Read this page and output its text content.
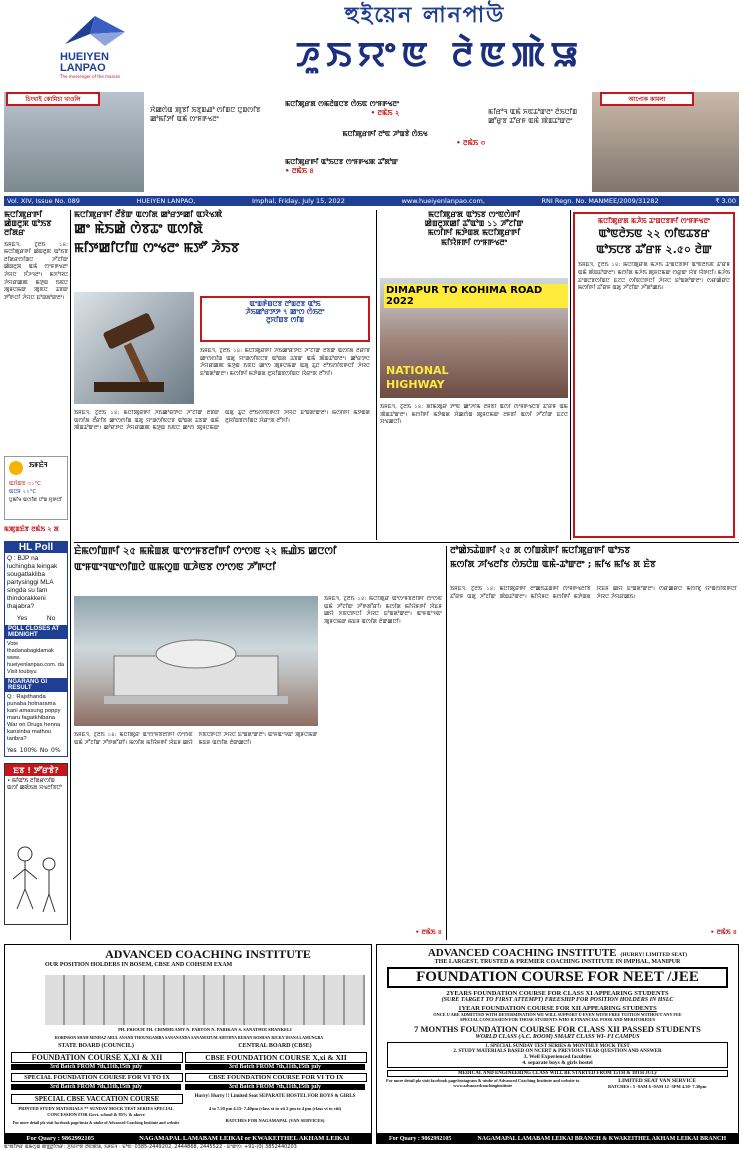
HUEIYEN
LANPAO
The messenger of the masses
হুইয়েন লানপাউ
ꯍꯨꯏꯌꯦꯟ ꯂꯥꯟꯄꯥꯎ
চিংখাই কোমিচা খাওলি
ꯆꯥꯀꯁꯥꯡ ꯄꯨꯕꯤ ꯏꯕꯨꯡꯉꯣ ꯁꯤꯡꯅ ꯅꯨꯡꯁꯤꯕ ꯀꯣꯃꯤꯇꯤ ꯑꯃꯥ ꯁꯦꯝꯒꯠꯂꯦ
ꯃꯅꯤꯄꯨꯔꯗ ꯁꯃꯂꯥꯡꯅꯕ ꯁꯥꯏꯟ ꯁꯦꯝꯒꯠꯂꯦ
• ꯂꯃꯥꯏ ২
ꯃꯅꯤꯄꯨꯔꯒꯤ ꯂꯣꯟ ꯍꯣꯡꯕꯥ ꯁꯥꯏꯠ
• ꯂꯃꯥꯏ ৩
ꯃꯅꯤꯄꯨꯔꯒꯤ ꯑꯣꯏꯅꯕ ꯁꯦꯝꯒꯠꯄ ꯊꯧꯗꯣꯛ
• ꯂꯃꯥꯏ ৪
ꯃꯤꯔꯣꯜ ꯑꯃꯥ ꯈꯟꯊꯣꯛꯂꯦ ꯂꯥꯏꯅꯤꯡ ꯀꯧꯔꯨꯕ ꯊꯧꯔꯝ ꯑꯃꯥ ꯄꯥꯡꯊꯣꯛꯂꯦ
আপোক কামলা
Vol. XIV, Issue No. 089	HUEIYEN LANPAO,	Imphal, Friday, July 15, 2022	www.hueiyenlanpao.com,	RNI Regn. No. MANMEE/2009/31282	₹ 3.00
ꯃꯅꯤꯄꯨꯔꯒꯤ ꯀꯥꯡꯂꯨꯞ ꯑꯣꯏꯕ ꯂꯤꯗꯔ
ꯏꯝꯐꯥꯜ, ꯖꯨꯂꯥꯏ ১৪: ꯃꯅꯤꯄꯨꯔꯒꯤ ꯀꯥꯡꯂꯨꯞ ꯑꯣꯏꯕ ꯂꯤꯗꯔꯁꯤꯡꯅ ꯍꯧꯖꯤꯛ ꯀꯥꯡꯂꯨꯞ ꯑꯃꯥ ꯁꯦꯝꯒꯠꯂꯦ ꯍꯥꯌꯅ ꯈꯪꯍꯜꯂꯦ। ꯃꯈꯣꯌꯅ ꯍꯥꯌꯔꯀꯄ ꯃꯇꯨꯡ ꯏꯟꯅ ꯄꯨꯝꯅꯃꯛ ꯄꯨꯟꯅ ꯊꯕꯛ ꯇꯧꯒꯅꯤ ꯍꯥꯌꯅ ꯐꯣꯡꯗꯣꯛꯂꯦ।
ꯏꯝꯐꯥꯜ
ꯑꯋꯥꯡꯕ ৩১°C
ꯑꯅꯝ ২২°C
ꯅꯨꯃꯤꯠ ꯑꯁꯤꯗ ꯅꯣꯡ ꯆꯨꯒꯅꯤ
ꯃꯄꯨꯡꯐꯥꯕ ꯂꯃꯥꯏ ২ ꯗ
HL Poll
Q : BJP na luchingba leingak sougatlakliba partysinggi MLA singda su fam thindorakkeni thajabra?
Yes	No
POLL CLOSES AT MIDNIGHT
Vote thadanabagidamak www. hueiyenlanpao.com. da Visit toubiyu
NGARANG GI RESULT
Q : Rajsthanda punaba hotnarama kani amasung poppy maru fagatkhibana War on Drugs henna kansinba mathou taribra?
Yes 100% No 0%
ꯐꯕ ! ꯇꯧꯔꯕꯥ?
• ꯃꯤꯑꯣꯏ ꯂꯤꯗꯔꯁꯤꯡ ꯑꯁꯤ ꯀꯗꯥꯏꯗ ꯆꯠꯂꯤꯕꯅꯣ
ꯃꯅꯤꯄꯨꯔꯒꯤ ꯂꯩꯕꯥꯛ ꯑꯁꯤꯗ ꯀꯣꯔꯇꯀꯤ ꯑꯋꯥꯠꯄꯥ
ꯀꯦ ꯃꯥꯏꯀꯥ ꯁꯥꯕꯊꯦ ꯑꯁꯤꯗꯥ
ꯃꯤꯇꯀꯤꯅꯤꯡ ꯁꯦꯠꯂꯦ ꯃꯇꯧ ꯍꯥꯏꯕ
ꯑꯦꯡꯒꯥꯡꯅꯕ ꯂꯣꯡꯂꯕ ꯑꯣꯏ
ꯍꯥꯏꯀꯣꯔꯇꯇ ৭ ꯀꯦꯁ ꯁꯥꯏꯂꯦ
ꯂꯨꯆꯤꯡꯕ ꯁꯤꯡ
ꯏꯝꯐꯥꯜ, ꯖꯨꯂꯥꯏ ১৪: ꯃꯅꯤꯄꯨꯔꯒꯤ ꯍꯥꯏꯀꯣꯔꯇꯅ ꯍꯧꯖꯤꯛ ꯂꯩꯕꯥꯛ ꯑꯁꯤꯗ ꯂꯩꯔꯤꯕ ꯀꯦꯁꯁꯤꯡ ꯑꯗꯨ ꯌꯦꯡꯁꯤꯟꯅꯕ ꯑꯣꯡꯗ ꯊꯕꯛ ꯑꯃꯥ ꯄꯥꯡꯊꯣꯛꯂꯦ। ꯀꯣꯔꯇꯅ ꯍꯥꯌꯔꯀꯄ ꯃꯇꯨꯡ ꯏꯟꯅ ꯀꯦꯁ ꯄꯨꯝꯅꯃꯛ ꯑꯗꯨ ꯊꯨꯅ ꯂꯣꯏꯁꯤꯟꯒꯅꯤ ꯍꯥꯌꯅ ꯐꯣꯡꯗꯣꯛꯂꯦ। ꯃꯁꯤꯒꯤ ꯃꯇꯥꯡꯗ ꯂꯨꯆꯤꯡꯕꯁꯤꯡꯅ ꯋꯥꯔꯦꯞ ꯂꯧꯈꯤ।
ꯏꯝꯐꯥꯜ, ꯖꯨꯂꯥꯏ ১৪: ꯃꯅꯤꯄꯨꯔꯒꯤ ꯍꯥꯏꯀꯣꯔꯇꯅ ꯍꯧꯖꯤꯛ ꯂꯩꯕꯥꯛ ꯑꯁꯤꯗ ꯂꯩꯔꯤꯕ ꯀꯦꯁꯁꯤꯡ ꯑꯗꯨ ꯌꯦꯡꯁꯤꯟꯅꯕ ꯑꯣꯡꯗ ꯊꯕꯛ ꯑꯃꯥ ꯄꯥꯡꯊꯣꯛꯂꯦ। ꯀꯣꯔꯇꯅ ꯍꯥꯌꯔꯀꯄ ꯃꯇꯨꯡ ꯏꯟꯅ ꯀꯦꯁ ꯄꯨꯝꯅꯃꯛ ꯑꯗꯨ ꯊꯨꯅ ꯂꯣꯏꯁꯤꯟꯒꯅꯤ ꯍꯥꯌꯅ ꯐꯣꯡꯗꯣꯛꯂꯦ। ꯃꯁꯤꯒꯤ ꯃꯇꯥꯡꯗ ꯂꯨꯆꯤꯡꯕꯁꯤꯡꯅ ꯋꯥꯔꯦꯞ ꯂꯧꯈꯤ।
ꯃꯅꯤꯄꯨꯔꯗ ꯑꯣꯏꯕ ꯁꯦꯟꯁꯥꯒꯤ
ꯀꯥꯡꯂꯨꯞꯀꯤ ꯊꯧꯑꯣꯡ ১১ ꯍꯧꯖꯤꯛ
ꯃꯁꯤꯒꯤ ꯃꯇꯥꯡꯗ ꯃꯅꯤꯄꯨꯔꯒꯤ
ꯃꯤꯌꯥꯝꯒꯤ ꯁꯦꯝꯒꯠꯂꯦ
DIMAPUR TO KOHIMA ROAD 2022
NATIONAL
HIGHWAY
ꯏꯝꯐꯥꯜ, ꯖꯨꯂꯥꯏ ১৪: ꯗꯤꯃꯥꯄꯨꯔ ꯇꯣꯟ ꯀꯣꯍꯤꯃꯥ ꯂꯝꯕꯤ ꯑꯁꯤ ꯁꯦꯝꯒꯠꯅꯕ ꯊꯧꯔꯝ ꯑꯃꯥ ꯄꯥꯡꯊꯣꯛꯂꯦ। ꯃꯁꯤꯒꯤ ꯃꯇꯥꯡꯗ ꯆꯥꯀꯁꯥꯡ ꯄꯨꯝꯅꯃꯛ ꯂꯝꯕꯤ ꯑꯁꯤ ꯍꯧꯖꯤꯛ ꯐꯖꯅ ꯆꯠꯀꯅꯤ।
ꯃꯅꯤꯄꯨꯔꯗ ꯃꯍꯥꯏ ꯊꯦꯡꯅꯕꯒꯤ ꯁꯦꯝꯒꯠꯂꯦ
ꯑꯣꯟꯂꯥꯏꯟ ২২ ꯁꯤꯟꯊꯕꯔ
ꯑꯣꯏꯅꯕ ꯊꯧꯔꯝ ২.৫০ ꯂꯥꯛ
ꯏꯝꯐꯥꯜ, ꯖꯨꯂꯥꯏ ১৪: ꯃꯅꯤꯄꯨꯔꯗ ꯃꯍꯥꯏ ꯊꯦꯡꯅꯕꯒꯤ ꯑꯣꯟꯂꯥꯏꯟ ꯊꯧꯔꯝ ꯑꯃꯥ ꯄꯥꯡꯊꯣꯛꯂꯦ। ꯃꯁꯤꯗ ꯃꯍꯥꯏ ꯄꯨꯝꯅꯃꯛ ꯁꯔꯨꯛ ꯌꯥꯕ ꯌꯥꯒꯅꯤ। ꯃꯍꯥꯏ ꯊꯦꯡꯅꯕꯁꯤꯡꯅ ꯐꯖꯅ ꯁꯤꯟꯅꯒꯅꯤ ꯍꯥꯌꯅ ꯐꯣꯡꯗꯣꯛꯂꯦ। ꯁꯔꯀꯥꯔꯅ ꯃꯁꯤꯒꯤ ꯊꯧꯔꯝ ꯑꯗꯨ ꯍꯧꯖꯤꯛ ꯍꯧꯗꯣꯀꯏ।
ꯐꯥꯃꯁꯤꯡꯒꯤ ২৫ ꯃꯃꯥꯡꯗ ꯑꯦꯁꯦꯝꯕꯂꯤꯒꯤ ꯁꯦꯁꯟ ২২ ꯃꯉꯥꯏ ꯀꯅꯁꯤ
ꯑꯦꯝꯑꯦꯜꯑꯦꯁꯤꯡꯅꯥ ꯑꯃꯁꯨꯡ ꯑꯍꯥꯟꯕ ꯁꯦꯁꯟ ꯍꯧꯒꯅꯤ
ꯏꯝꯐꯥꯜ, ꯖꯨꯂꯥꯏ ১৪: ꯃꯅꯤꯄꯨꯔ ꯑꯦꯁꯦꯝꯕꯂꯤꯒꯤ ꯁꯦꯁꯟ ꯑꯃꯥ ꯍꯧꯖꯤꯛ ꯍꯧꯒꯗꯧꯔꯤ। ꯃꯁꯤꯗ ꯃꯤꯌꯥꯝꯒꯤ ꯋꯥꯐꯝ ꯀꯌꯥ ꯈꯟꯅꯒꯅꯤ ꯍꯥꯌꯅ ꯐꯣꯡꯗꯣꯛꯂꯦ। ꯑꯦꯝꯑꯦꯜꯑꯦ ꯄꯨꯝꯅꯃꯛ ꯃꯐꯝ ꯑꯁꯤꯗ ꯂꯥꯛꯀꯅꯤ।
ꯏꯝꯐꯥꯜ, ꯖꯨꯂꯥꯏ ১৪: ꯃꯅꯤꯄꯨꯔ ꯑꯦꯁꯦꯝꯕꯂꯤꯒꯤ ꯁꯦꯁꯟ ꯑꯃꯥ ꯍꯧꯖꯤꯛ ꯍꯧꯒꯗꯧꯔꯤ। ꯃꯁꯤꯗ ꯃꯤꯌꯥꯝꯒꯤ ꯋꯥꯐꯝ ꯀꯌꯥ ꯈꯟꯅꯒꯅꯤ ꯍꯥꯌꯅ ꯐꯣꯡꯗꯣꯛꯂꯦ। ꯑꯦꯝꯑꯦꯜꯑꯦ ꯄꯨꯝꯅꯃꯛ ꯃꯐꯝ ꯑꯁꯤꯗ ꯂꯥꯛꯀꯅꯤ।
• ꯂꯃꯥꯏ ৪
ꯂꯣꯀꯥꯏꯊꯥꯡꯒꯤ ২৫ ꯗ ꯁꯤꯡꯗꯥꯒꯤ ꯃꯅꯤꯄꯨꯔꯒꯤ ꯑꯣꯏꯕ
ꯃꯁꯤꯗ ꯍꯤꯠꯂꯤꯕ ꯁꯥꯏꯅꯥꯡ ꯑꯃꯥ-ꯊꯣꯛꯂꯦ ; ꯃꯤꯠ ꯃꯤꯠ ꯗ ꯐꯥꯕ
ꯏꯝꯐꯥꯜ, ꯖꯨꯂꯥꯏ ১৪: ꯃꯅꯤꯄꯨꯔꯒꯤ ꯂꯣꯀꯥꯏꯊꯥꯡꯒꯤ ꯁꯦꯝꯒꯠꯂꯤꯕ ꯊꯧꯔꯝ ꯑꯗꯨ ꯍꯧꯖꯤꯛ ꯄꯥꯡꯊꯣꯛꯂꯦ। ꯃꯤꯌꯥꯝꯅ ꯃꯁꯤꯒꯤ ꯃꯇꯥꯡꯗ ꯋꯥꯐꯝ ꯀꯌꯥ ꯐꯣꯡꯗꯣꯛꯂꯦ। ꯁꯔꯀꯥꯔꯅ ꯃꯁꯤꯕꯨ ꯌꯦꯡꯁꯤꯟꯒꯅꯤ ꯍꯥꯌꯅ ꯍꯥꯌꯔꯀꯏ।
• ꯂꯃꯥꯏ ৪
ADVANCED COACHING INSTITUTE
OUR POSITION HOLDERS IN BOSEM, CBSE AND COHSEM EXAM
PH. FRIOUH TH. CRIMMUAMY N. PARTON N. PARIKAN S. SANATHOI SHANKELI
ROBINSON SHAH MINHAZ ABUL ANAND THOUNGAMBA SANANANDA SANAMATUM ADITHYA REHAN ROSHAN RICKY DIANA LAMUNGBA
STATE BOARD (COUNCIL)	CENTRAL BOARD (CBSE)
FOUNDATION COURSE X,XI & XII
3rd Batch FROM 7th,11th,15th july
SPECIAL FOUNDATION COURSE FOR VI TO IX
3rd Batch FROM 7th,11th,15th july
SPECIAL CBSE VACCATION COURSE
PRINTED STUDY MATERIALS ** SUNDAY MOCK TEST SERIES SPECIAL CONCESSION FOR Govt. school & 85% & above
CBSE FOUNDATION COURSE X,xi & XII
3rd Batch FROM 7th,11th,15th july
CBSE FOUNDATION COURSE FOR VI TO IX
3rd Batch FROM 7th,11th,15th july
Hurry! Hurry !! Limited Seat SEPARATE HOSTEL FOR BOYS & GIRLS
4 to 7.20 pm 4.15- 7.40pm (class xi to xii 2 pm to 4 pm (class vi to viii)
BATCHES FOR NAGAMAPAL (VAN SERVICES)
For more detail plz visit facebook page/insta & utube of Advanced Coaching Institute and website
For Quary : 9862992105	NAGAMAPAL LAMABAM LEIKAI or KWAKEITHEL AKHAM LEIKAI
ADVANCED COACHING INSTITUTE (HURRY! LIMITED SEAT)
THE LARGEST, TRUSTED & PREMIER COACHING INSTITUTE IN IMPHAL, MANIPUR
FOUNDATION COURSE FOR NEET /JEE
2YEARS FOUNDATION COURSE FOR CLASS XI APPEARING STUDENTS
(SURE TARGET TO FIRST ATTEMPT) FREESHIP FOR POSITION HOLDERS IN HSLC
1YEAR FOUNDATION COURSE FOR XII APPEARING STUDENTS
ONCE U ARE ADMITTED WITH DETERMINATION WE WILL SUPPORT U EVEN WITH FREE TUITION WITHOUT ANY FEE
SPECIAL CONCESSION FOR THOSE STUDENTS WHO R FINANCIAL POOR AND MERITORIOUS
7 MONTHS FOUNDATION COURSE FOR CLASS XII PASSED STUDENTS
WORLD CLASS (A.C. ROOM) SMART CLASS WI- FI CAMPUS
1. SPECIAL SUNDAY TEST SERIES & MONTHLY MOCK TEST
2. STUDY MATERIALS BASED ON NCERT & PREVIOUS YEAR QUESTION AND ANSWER
3. Well Experienced faculties
4. separate boys & girls hostel
MEDICAL AND ENGINEERING CLASS WILL BE STARTED FROM 15TH & 18TH JULy
For more detail plz visit facebook page/instagram & utube of Advanced Coaching Institute and website to www.advancedcoachinginstitute
LIMITED SEAT VAN SERVICE
BATCHES : 5 -9AM 6 -9AM 12 -3PM 4.30- 7.30pm
For Quary : 9862992105	NAGAMAPAL LAMABAM LEIKAI BRANCH & KWAKEITHEL AKHAM LEIKAI BRANCH
ꯑꯦꯗꯤꯇꯔ ꯑꯃꯁꯨꯡ ꯄꯕ꯭ꯂꯤꯁꯔ: ꯍꯨꯏꯌꯦꯟ ꯂꯥꯟꯄꯥꯎ, ꯏꯝꯐꯥꯜ · ꯐꯣꯟ: 0385-2449202, 2444868, 2445522 · ꯐꯦꯛꯁ: +91-(0) 3852440203
